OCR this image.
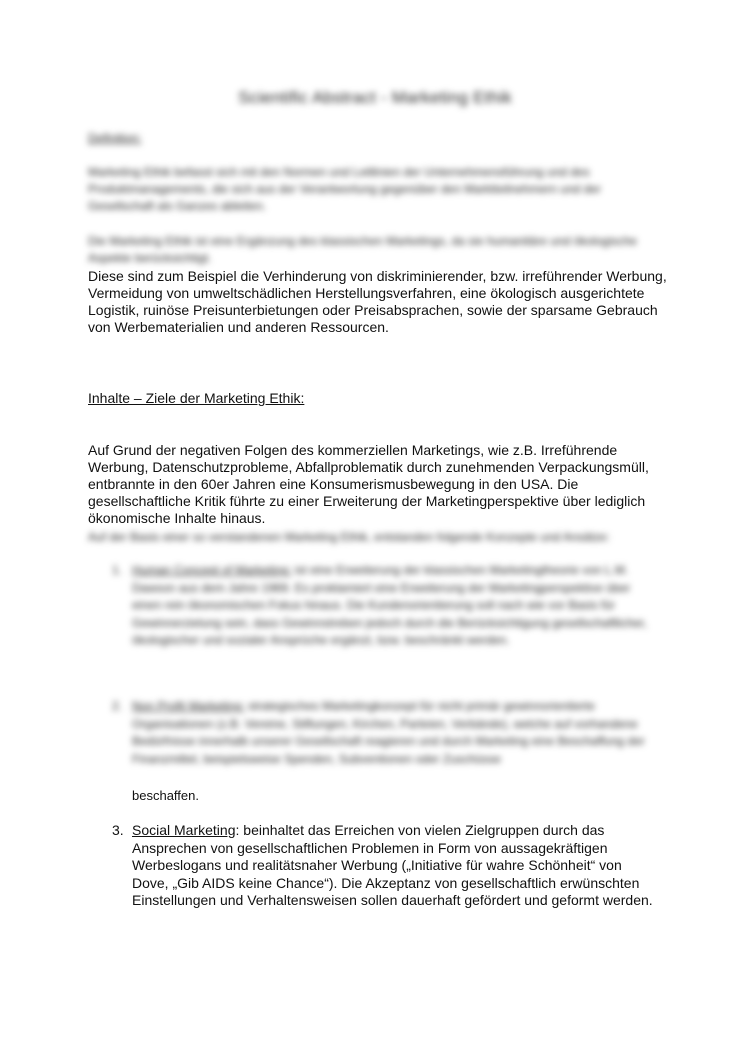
Scientific Abstract - Marketing Ethik
Definition:
Marketing Ethik befasst sich mit den Normen und Leitlinien der Unternehmensführung und des Produktmanagements, die sich aus der Verantwortung gegenüber den Marktteilnehmern und der Gesellschaft als Ganzes ableiten.
Die Marketing Ethik ist eine Ergänzung des klassischen Marketings, da sie humanitäre und ökologische Aspekte berücksichtigt.
Diese sind zum Beispiel die Verhinderung von diskriminierender, bzw. irreführender Werbung, Vermeidung von umweltschädlichen Herstellungsverfahren, eine ökologisch ausgerichtete Logistik, ruinöse Preisunterbietungen oder Preisabsprachen, sowie der sparsame Gebrauch von Werbematerialien und anderen Ressourcen.
Inhalte – Ziele der Marketing Ethik:
Auf Grund der negativen Folgen des kommerziellen Marketings, wie z.B. Irreführende Werbung, Datenschutzprobleme, Abfallproblematik durch zunehmenden Verpackungsmüll, entbrannte in den 60er Jahren eine Konsumerismusbewegung in den USA. Die gesellschaftliche Kritik führte zu einer Erweiterung der Marketingperspektive über lediglich ökonomische Inhalte hinaus.
Auf der Basis einer so verstandenen Marketing Ethik, entstanden folgende Konzepte und Ansätze:
1. Human Concept of Marketing: ist eine Erweiterung der klassischen Marketingtheorie von L.M. Dawson aus dem Jahre 1969. Es proklamiert eine Erweiterung der Marketingperspektive über einen rein ökonomischen Fokus hinaus. Die Kundenorientierung soll nach wie vor Basis für Gewinnerzielung sein, dass Gewinnstreben jedoch durch die Berücksichtigung gesellschaftlicher, ökologischer und sozialer Ansprüche ergänzt, bzw. beschränkt werden.
2. Non Profit Marketing: strategisches Marketingkonzept für nicht primär gewinnorientierte Organisationen (z.B. Vereine, Stiftungen, Kirchen, Parteien, Verbände), welche auf vorhandene Bedürfnisse innerhalb unserer Gesellschaft reagieren und durch Marketing eine Beschaffung der Finanzmittel, beispielsweise Spenden, Subventionen oder Zuschüsse
beschaffen.
3. Social Marketing: beinhaltet das Erreichen von vielen Zielgruppen durch das Ansprechen von gesellschaftlichen Problemen in Form von aussagekräftigen Werbeslogans und realitätsnaher Werbung („Initiative für wahre Schönheit“ von Dove, „Gib AIDS keine Chance“). Die Akzeptanz von gesellschaftlich erwünschten Einstellungen und Verhaltensweisen sollen dauerhaft gefördert und geformt werden.
